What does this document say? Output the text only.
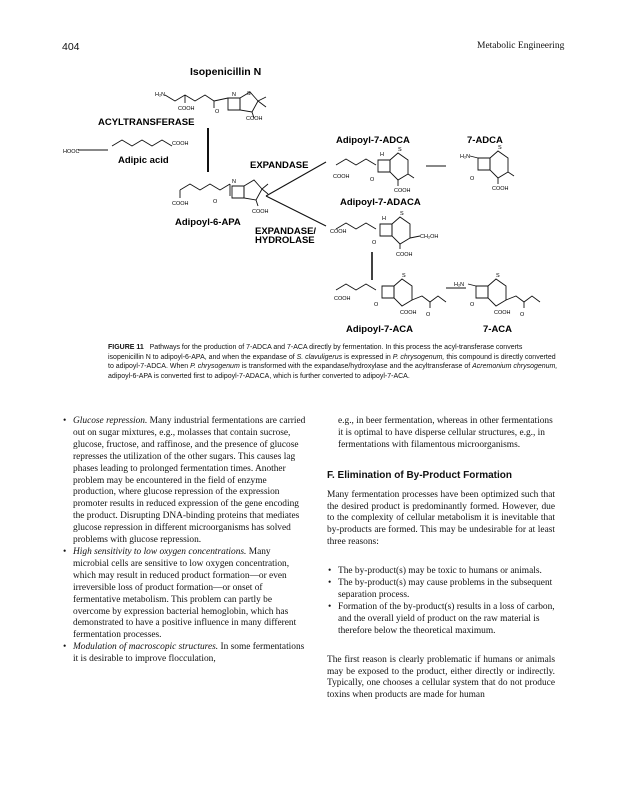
404	Metabolic Engineering
Isopenicillin N
ACYLTRANSFERASE
Adipic acid	EXPANDASE
Adipoyl-6-APA
EXPANDASE/
HYDROLASE
Adipoyl-7-ADCA	7-ADCA
Adipoyl-7-ADACA
Adipoyl-7-ACA	7-ACA
H₂N
COOH	O
COOH
S
N
HOOC
COOH
COOH	O
N
COOH
COOH
H
O
COOH
S
H₂N
O
COOH
S
COOH
O
COOH
CH₂OH
S
H
COOH
O
COOH
S
O
H₂N
O
COOH
S
O
FIGURE 11 Pathways for the production of 7-ADCA and 7-ACA directly by fermentation. In this process the acyl-transferase converts isopenicillin N to adipoyl-6-APA, and when the expandase of S. clavuligerus is expressed in P. chrysogenum, this compound is directly converted to adipoyl-7-ADCA. When P. chrysogenum is transformed with the expandase/hydroxylase and the acyltransferase of Acremonium chrysogenum, adipoyl-6-APA is converted first to adipoyl-7-ADACA, which is further converted to adipoyl-7-ACA.
• Glucose repression. Many industrial fermentations are carried out on sugar mixtures, e.g., molasses that contain sucrose, glucose, fructose, and raffinose, and the presence of glucose represses the utilization of the other sugars. This causes lag phases leading to prolonged fermentation times. Another problem may be encountered in the field of enzyme production, where glucose repression of the expression promoter results in reduced expression of the gene encoding the product. Disrupting DNA-binding proteins that mediates glucose repression in different microorganisms has solved problems with glucose repression.
• High sensitivity to low oxygen concentrations. Many microbial cells are sensitive to low oxygen concentration, which may result in reduced product formation—or even irreversible loss of product formation—or onset of fermentative metabolism. This problem can partly be overcome by expression bacterial hemoglobin, which has demonstrated to have a positive influence in many different fermentation processes.
• Modulation of macroscopic structures. In some fermentations it is desirable to improve flocculation,
e.g., in beer fermentation, whereas in other fermentations it is optimal to have disperse cellular structures, e.g., in fermentations with filamentous microorganisms.
F. Elimination of By-Product Formation
Many fermentation processes have been optimized such that the desired product is predominantly formed. However, due to the complexity of cellular metabolism it is inevitable that by-products are formed. This may be undesirable for at least three reasons:
• The by-product(s) may be toxic to humans or animals.
• The by-product(s) may cause problems in the subsequent separation process.
• Formation of the by-product(s) results in a loss of carbon, and the overall yield of product on the raw material is therefore below the theoretical maximum.
The first reason is clearly problematic if humans or animals may be exposed to the product, either directly or indirectly. Typically, one chooses a cellular system that do not produce toxins when products are made for human
